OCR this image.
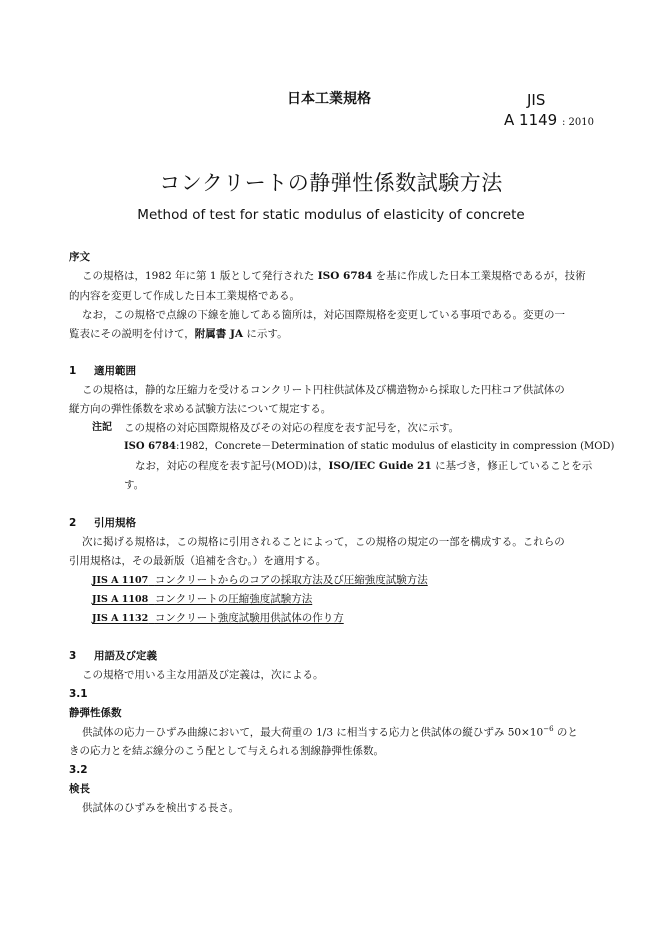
日本工業規格	JIS
A 1149 : 2010
コンクリートの静弾性係数試験方法
Method of test for static modulus of elasticity of concrete
序文
この規格は，1982 年に第 1 版として発行された ISO 6784 を基に作成した日本工業規格であるが，技術
的内容を変更して作成した日本工業規格である。
なお，この規格で点線の下線を施してある箇所は，対応国際規格を変更している事項である。変更の一
覧表にその説明を付けて，附属書 JA に示す。
1 適用範囲
この規格は，静的な圧縮力を受けるコンクリート円柱供試体及び構造物から採取した円柱コア供試体の
縦方向の弾性係数を求める試験方法について規定する。
注記 この規格の対応国際規格及びその対応の程度を表す記号を，次に示す。
ISO 6784:1982，Concrete－Determination of static modulus of elasticity in compression (MOD)
なお，対応の程度を表す記号(MOD)は，ISO/IEC Guide 21 に基づき，修正していることを示
す。
2 引用規格
次に掲げる規格は，この規格に引用されることによって，この規格の規定の一部を構成する。これらの
引用規格は，その最新版（追補を含む。）を適用する。
JIS A 1107 コンクリートからのコアの採取方法及び圧縮強度試験方法
JIS A 1108 コンクリートの圧縮強度試験方法
JIS A 1132 コンクリート強度試験用供試体の作り方
3 用語及び定義
この規格で用いる主な用語及び定義は，次による。
3.1
静弾性係数
供試体の応力－ひずみ曲線において，最大荷重の 1/3 に相当する応力と供試体の縦ひずみ $50\times 10^{-6}$ のと
きの応力とを結ぶ線分のこう配として与えられる割線静弾性係数。
3.2
検長
供試体のひずみを検出する長さ。
